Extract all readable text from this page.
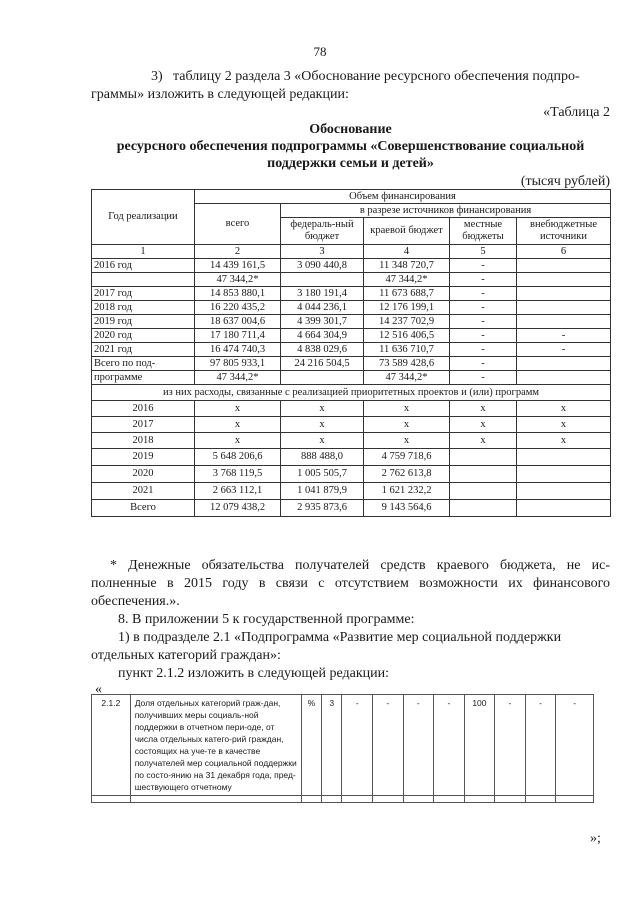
78
3) таблицу 2 раздела 3 «Обоснование ресурсного обеспечения подпро-
граммы» изложить в следующей редакции:
«Таблица 2
Обоснование
ресурсного обеспечения подпрограммы «Совершенствование социальной
поддержки семьи и детей»
(тысяч рублей)
Год реализации	Объем финансирования				
	всего	в разрезе источников финансирования			
		федераль-ный бюджет	краевой бюджет	местные бюджеты	внебюджетные источники
1	2	3	4	5	6
2016 год	14 439 161,5	3 090 440,8	11 348 720,7	-	
	47 344,2*		47 344,2*	-	
2017 год	14 853 880,1	3 180 191,4	11 673 688,7	-	
2018 год	16 220 435,2	4 044 236,1	12 176 199,1	-	
2019 год	18 637 004,6	4 399 301,7	14 237 702,9	-	
2020 год	17 180 711,4	4 664 304,9	12 516 406,5	-	-
2021 год	16 474 740,3	4 838 029,6	11 636 710,7	-	-
Всего по под-	97 805 933,1	24 216 504,5	73 589 428,6	-	
программе	47 344,2*		47 344,2*	-	
из них расходы, связанные с реализацией приоритетных проектов и (или) программ					
2016	x	x	x	x	x
2017	x	x	x	x	x
2018	x	x	x	x	x
2019	5 648 206,6	888 488,0	4 759 718,6		
2020	3 768 119,5	1 005 505,7	2 762 613,8		
2021	2 663 112,1	1 041 879,9	1 621 232,2		
Всего	12 079 438,2	2 935 873,6	9 143 564,6		
* Денежные обязательства получателей средств краевого бюджета, не ис-
полненные в 2015 году в связи с отсутствием возможности их финансового
обеспечения.».
8. В приложении 5 к государственной программе:
1) в подразделе 2.1 «Подпрограмма «Развитие мер социальной поддержки
отдельных категорий граждан»:
пункт 2.1.2 изложить в следующей редакции:
«
2.1.2	Доля отдельных категорий граж-дан, получивших меры социаль-ной поддержки в отчетном пери-оде, от числа отдельных катего-рий граждан, состоящих на уче-те в качестве получателей мер социальной поддержки по состо-янию на 31 декабря года, пред-шествующего отчетному	%	3	-	-	-	-	100	-	-	-

»;
